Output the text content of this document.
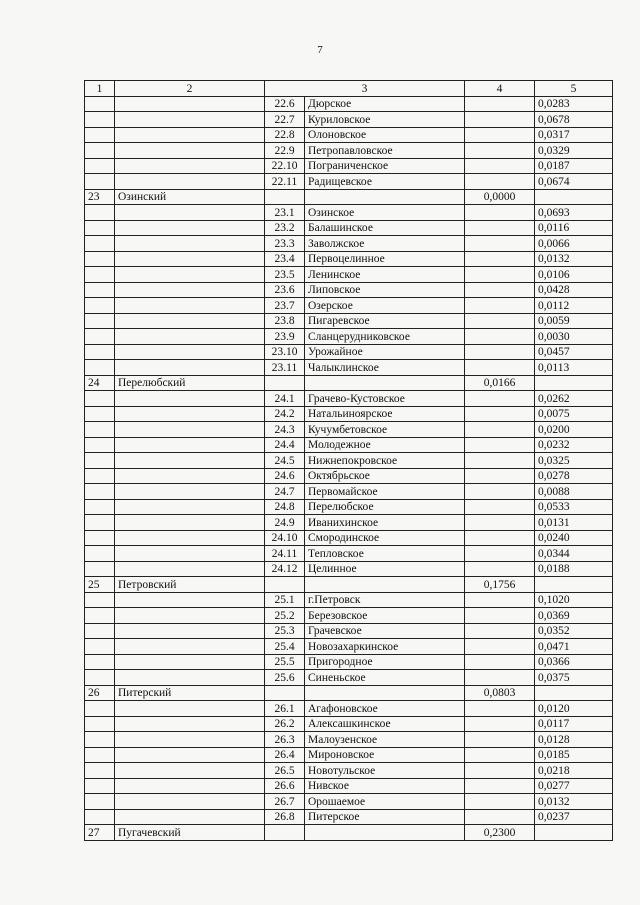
7
1	2	3		4	5
		22.6	Дюрское		0,0283
		22.7	Куриловское		0,0678
		22.8	Олоновское		0,0317
		22.9	Петропавловское		0,0329
		22.10	Пограниченское		0,0187
		22.11	Радищевское		0,0674
23	Озинский			0,0000	
		23.1	Озинское		0,0693
		23.2	Балашинское		0,0116
		23.3	Заволжское		0,0066
		23.4	Первоцелинное		0,0132
		23.5	Ленинское		0,0106
		23.6	Липовское		0,0428
		23.7	Озерское		0,0112
		23.8	Пигаревское		0,0059
		23.9	Сланцерудниковское		0,0030
		23.10	Урожайное		0,0457
		23.11	Чалыклинское		0,0113
24	Перелюбский			0,0166	
		24.1	Грачево-Кустовское		0,0262
		24.2	Натальиноярское		0,0075
		24.3	Кучумбетовское		0,0200
		24.4	Молодежное		0,0232
		24.5	Нижнепокровское		0,0325
		24.6	Октябрьское		0,0278
		24.7	Первомайское		0,0088
		24.8	Перелюбское		0,0533
		24.9	Иванихинское		0,0131
		24.10	Смородинское		0,0240
		24.11	Тепловское		0,0344
		24.12	Целинное		0,0188
25	Петровский			0,1756	
		25.1	г.Петровск		0,1020
		25.2	Березовское		0,0369
		25.3	Грачевское		0,0352
		25.4	Новозахаркинское		0,0471
		25.5	Пригородное		0,0366
		25.6	Синеньское		0,0375
26	Питерский			0,0803	
		26.1	Агафоновское		0,0120
		26.2	Алексашкинское		0,0117
		26.3	Малоузенское		0,0128
		26.4	Мироновское		0,0185
		26.5	Новотульское		0,0218
		26.6	Нивское		0,0277
		26.7	Орошаемое		0,0132
		26.8	Питерское		0,0237
27	Пугачевский			0,2300	
